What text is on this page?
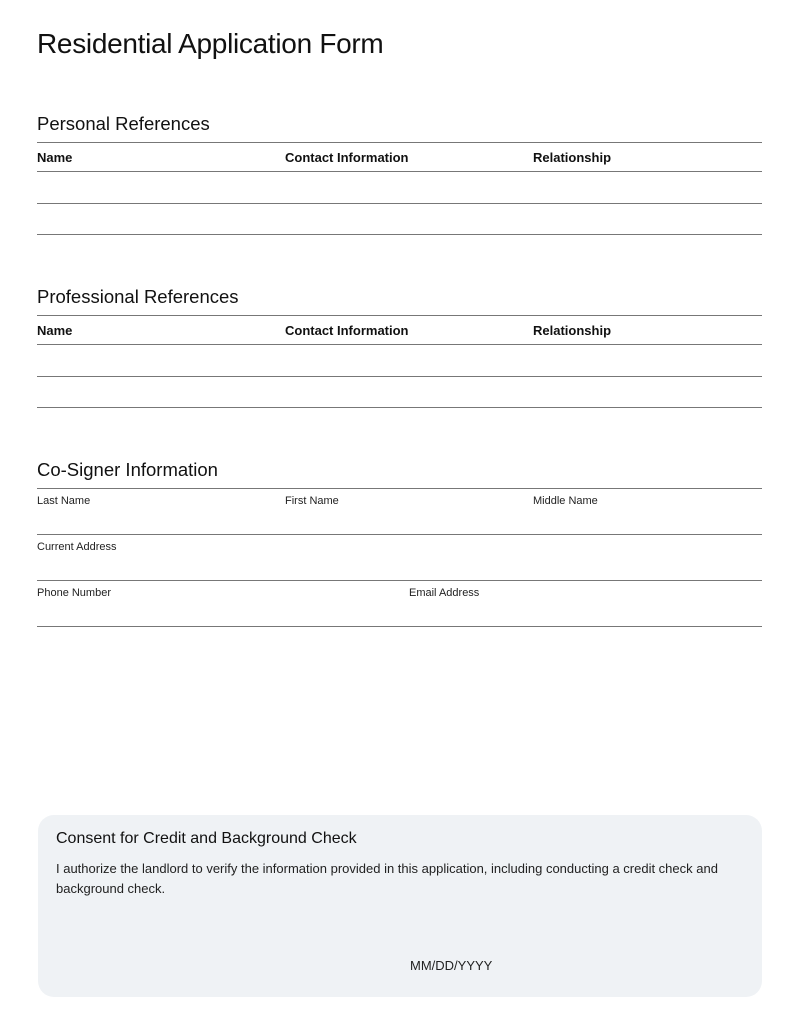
Residential Application Form
Personal References
Name	Contact Information	Relationship
Professional References
Name	Contact Information	Relationship
Co-Signer Information
Last Name	First Name	Middle Name
Current Address
Phone Number	Email Address
Consent for Credit and Background Check
I authorize the landlord to verify the information provided in this application, including conducting a credit check and background check.
MM/DD/YYYY
